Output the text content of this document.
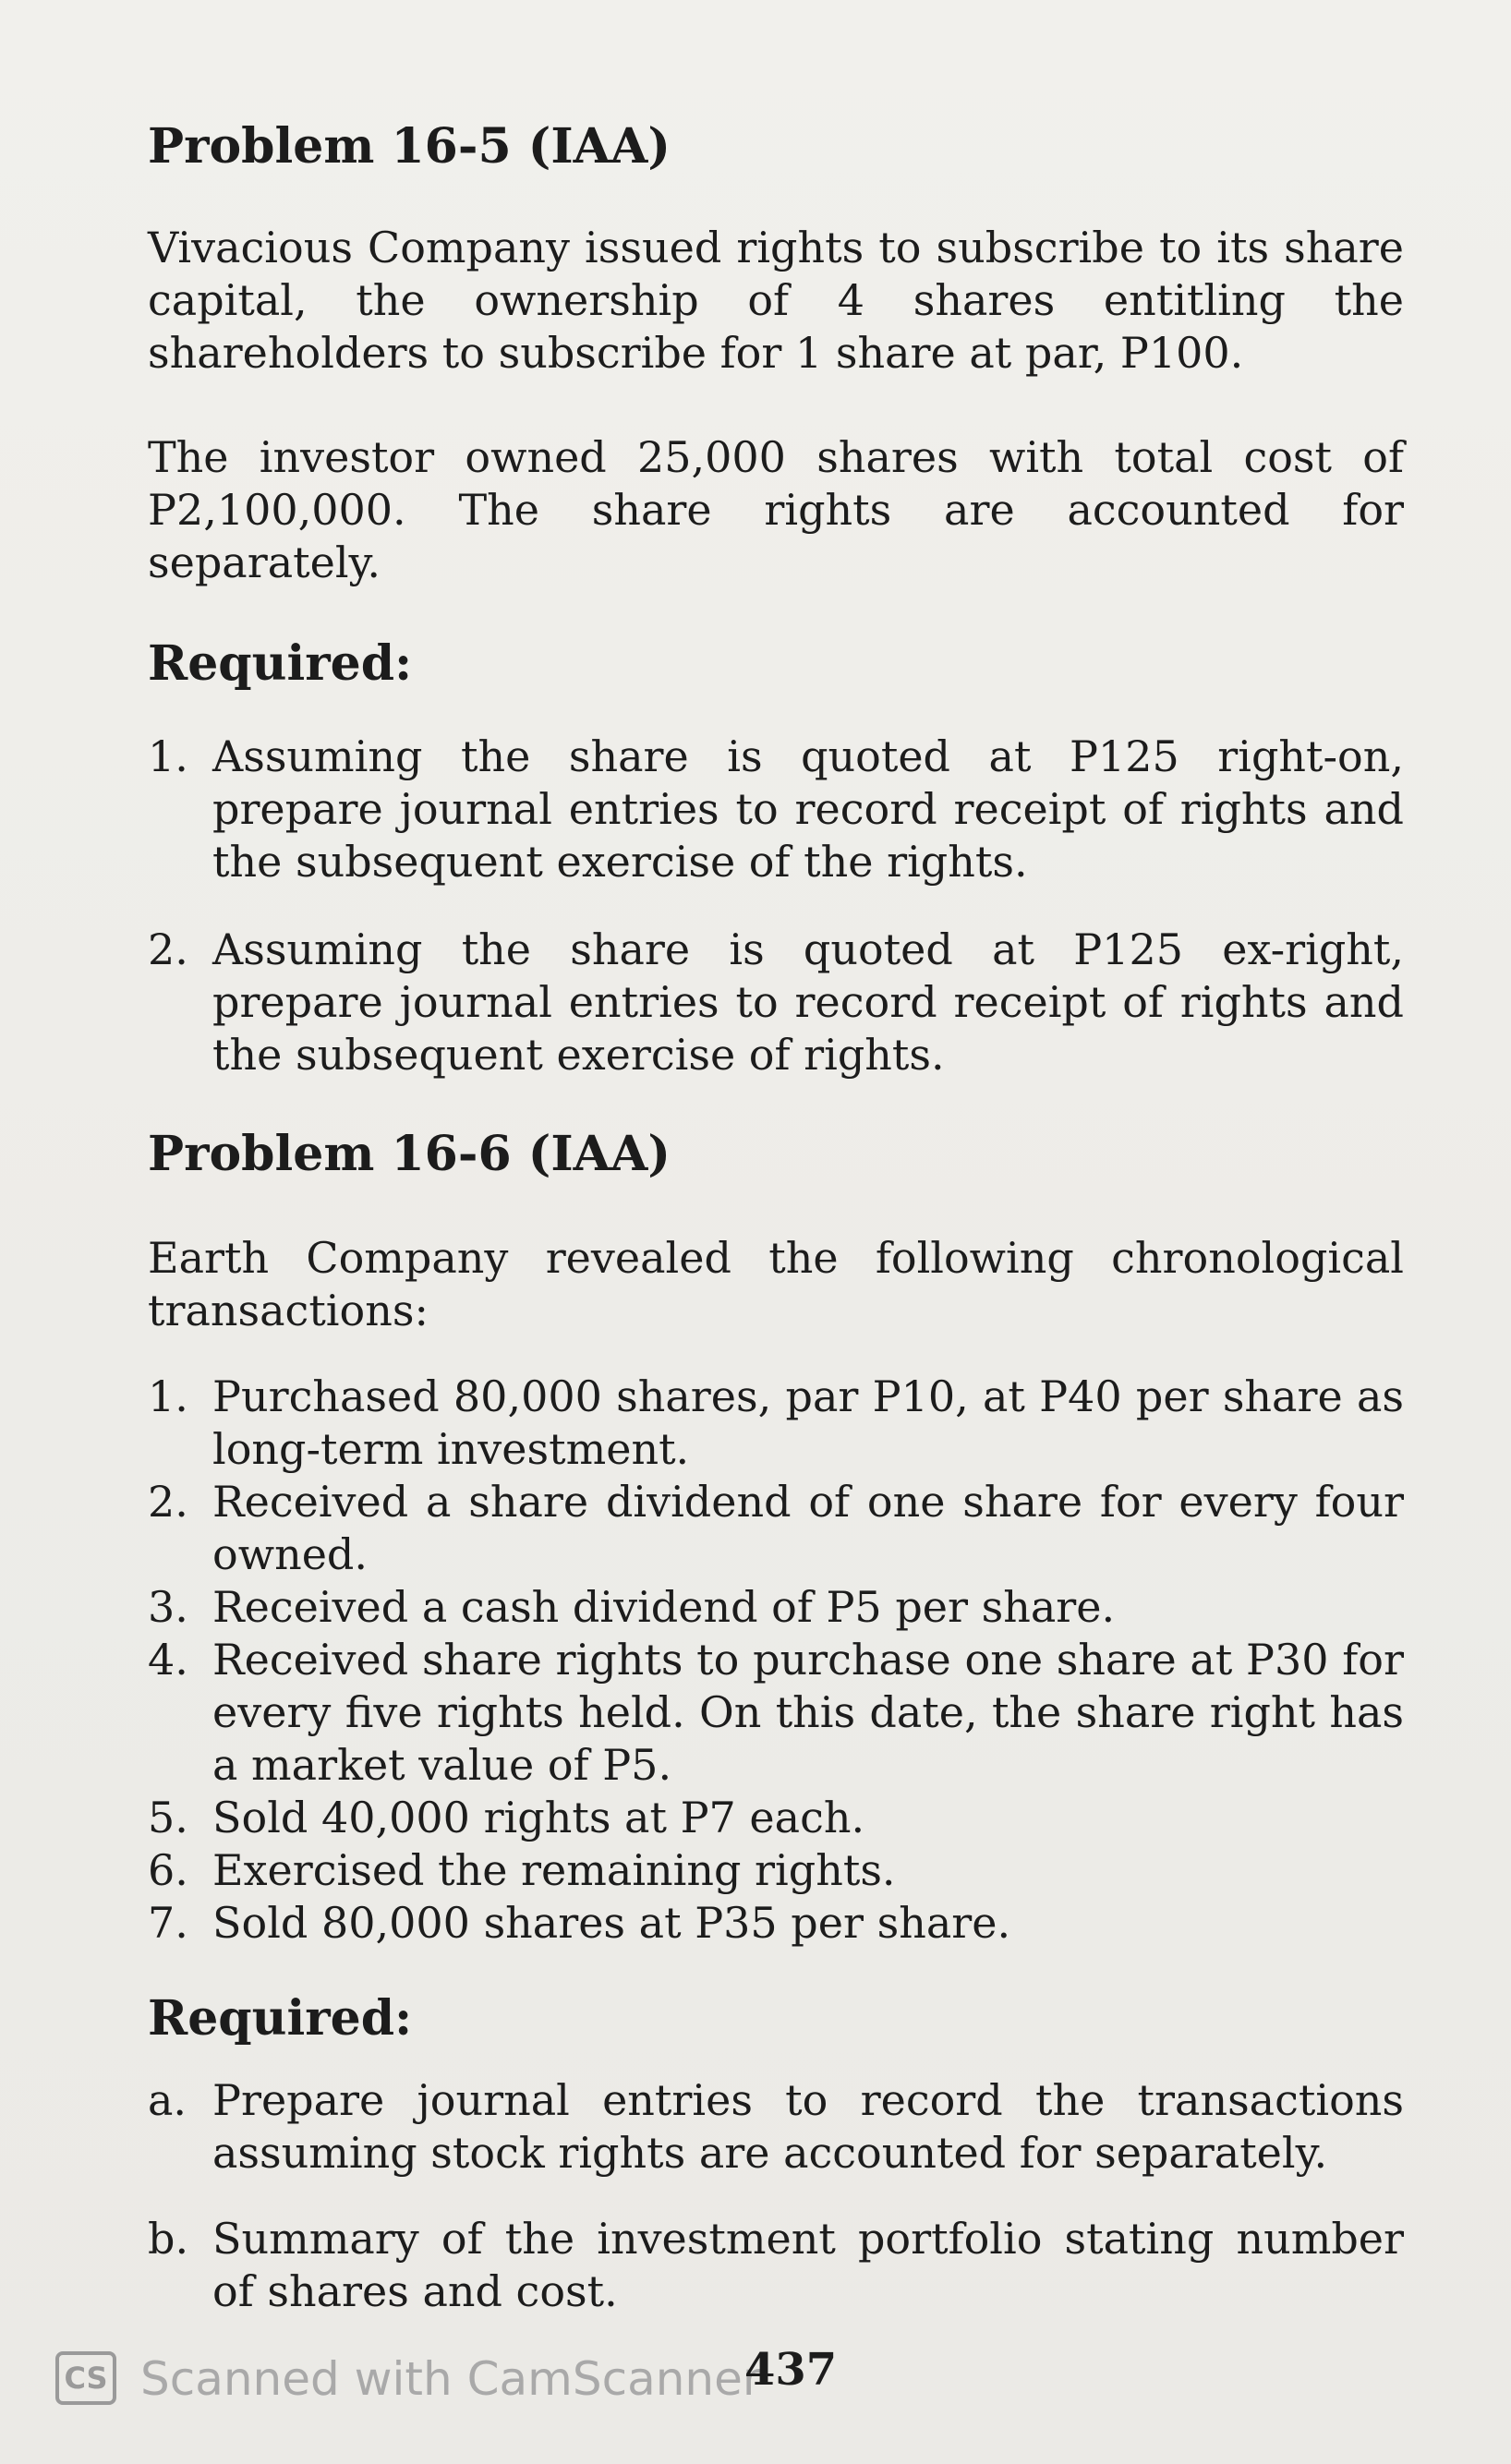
Problem 16-5 (IAA)

Vivacious Company issued rights to subscribe to its share capital, the ownership of 4 shares entitling the shareholders to subscribe for 1 share at par, P100.

The investor owned 25,000 shares with total cost of P2,100,000. The share rights are accounted for separately.

Required:
1. Assuming the share is quoted at P125 right-on, prepare journal entries to record receipt of rights and the subsequent exercise of the rights.
2. Assuming the share is quoted at P125 ex-right, prepare journal entries to record receipt of rights and the subsequent exercise of rights.
Problem 16-6 (IAA)

Earth Company revealed the following chronological transactions:

1. Purchased 80,000 shares, par P10, at P40 per share as long-term investment.
2. Received a share dividend of one share for every four owned.
3. Received a cash dividend of P5 per share.
4. Received share rights to purchase one share at P30 for every five rights held. On this date, the share right has a market value of P5.
5. Sold 40,000 rights at P7 each.
6. Exercised the remaining rights.
7. Sold 80,000 shares at P35 per share.
Required:
a. Prepare journal entries to record the transactions assuming stock rights are accounted for separately.
b. Summary of the investment portfolio stating number of shares and cost.
CS Scanned with CamScanner
437
